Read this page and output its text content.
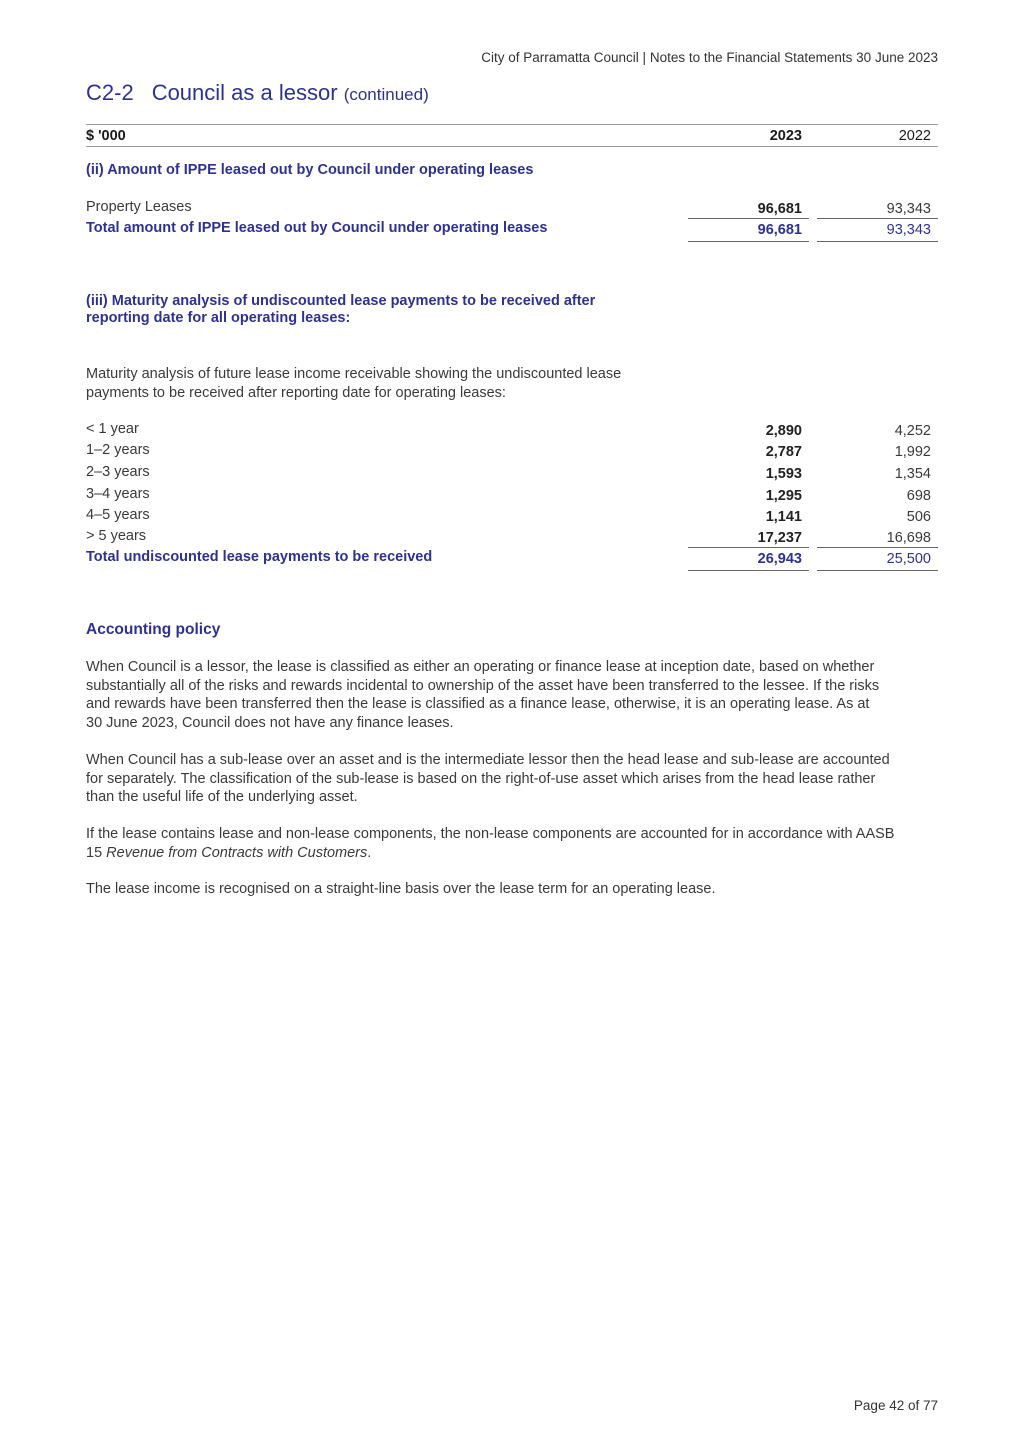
City of Parramatta Council | Notes to the Financial Statements 30 June 2023
C2-2 Council as a lessor (continued)
$ '000	2023	2022
(ii) Amount of IPPE leased out by Council under operating leases
Property Leases	96,681	93,343
Total amount of IPPE leased out by Council under operating leases	96,681	93,343
(iii) Maturity analysis of undiscounted lease payments to be received after
reporting date for all operating leases:
Maturity analysis of future lease income receivable showing the undiscounted lease
payments to be received after reporting date for operating leases:
< 1 year	2,890	4,252
1–2 years	2,787	1,992
2–3 years	1,593	1,354
3–4 years	1,295	698
4–5 years	1,141	506
> 5 years	17,237	16,698
Total undiscounted lease payments to be received	26,943	25,500
Accounting policy
When Council is a lessor, the lease is classified as either an operating or finance lease at inception date, based on whether
substantially all of the risks and rewards incidental to ownership of the asset have been transferred to the lessee. If the risks
and rewards have been transferred then the lease is classified as a finance lease, otherwise, it is an operating lease. As at
30 June 2023, Council does not have any finance leases.
When Council has a sub-lease over an asset and is the intermediate lessor then the head lease and sub-lease are accounted
for separately. The classification of the sub-lease is based on the right-of-use asset which arises from the head lease rather
than the useful life of the underlying asset.
If the lease contains lease and non-lease components, the non-lease components are accounted for in accordance with AASB
15 Revenue from Contracts with Customers.
The lease income is recognised on a straight-line basis over the lease term for an operating lease.
Page 42 of 77
